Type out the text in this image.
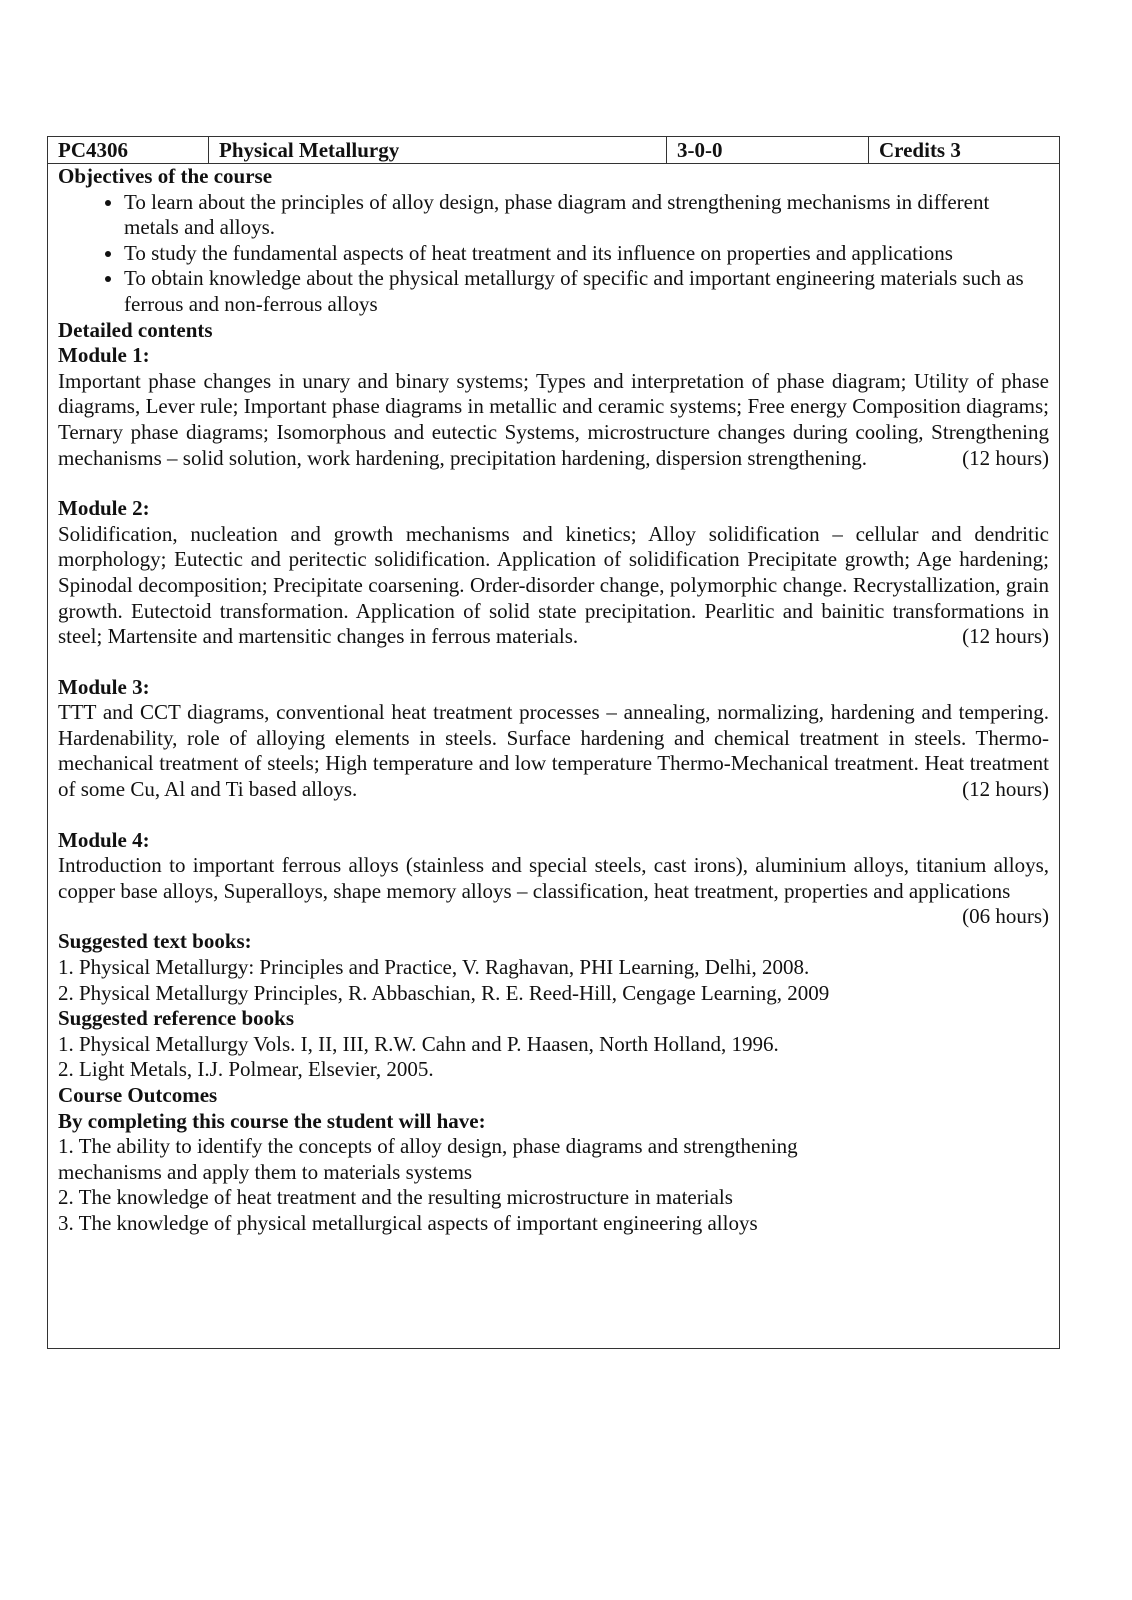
PC4306	Physical Metallurgy	3-0-0	Credits 3

Objectives of the course

• To learn about the principles of alloy design, phase diagram and strengthening mechanisms in different metals and alloys.
• To study the fundamental aspects of heat treatment and its influence on properties and applications
• To obtain knowledge about the physical metallurgy of specific and important engineering materials such as ferrous and non-ferrous alloys

Detailed contents

Module 1:

Important phase changes in unary and binary systems; Types and interpretation of phase diagram; Utility of phase diagrams, Lever rule; Important phase diagrams in metallic and ceramic systems; Free energy Composition diagrams; Ternary phase diagrams; Isomorphous and eutectic Systems, microstructure changes during cooling, Strengthening mechanisms – solid solution, work hardening, precipitation hardening, dispersion strengthening.	(12 hours)

Module 2:

Solidification, nucleation and growth mechanisms and kinetics; Alloy solidification – cellular and dendritic morphology; Eutectic and peritectic solidification. Application of solidification Precipitate growth; Age hardening; Spinodal decomposition; Precipitate coarsening. Order-disorder change, polymorphic change. Recrystallization, grain growth. Eutectoid transformation. Application of solid state precipitation. Pearlitic and bainitic transformations in steel; Martensite and martensitic changes in ferrous materials.	(12 hours)

Module 3:

TTT and CCT diagrams, conventional heat treatment processes – annealing, normalizing, hardening and tempering. Hardenability, role of alloying elements in steels. Surface hardening and chemical treatment in steels. Thermo-mechanical treatment of steels; High temperature and low temperature Thermo-Mechanical treatment. Heat treatment of some Cu, Al and Ti based alloys.	(12 hours)

Module 4:

Introduction to important ferrous alloys (stainless and special steels, cast irons), aluminium alloys, titanium alloys, copper base alloys, Superalloys, shape memory alloys – classification, heat treatment, properties and applications
(06 hours)

Suggested text books:

1. Physical Metallurgy: Principles and Practice, V. Raghavan, PHI Learning, Delhi, 2008.

2. Physical Metallurgy Principles, R. Abbaschian, R. E. Reed-Hill, Cengage Learning, 2009

Suggested reference books

1. Physical Metallurgy Vols. I, II, III, R.W. Cahn and P. Haasen, North Holland, 1996.

2. Light Metals, I.J. Polmear, Elsevier, 2005.

Course Outcomes

By completing this course the student will have:

1. The ability to identify the concepts of alloy design, phase diagrams and strengthening

mechanisms and apply them to materials systems

2. The knowledge of heat treatment and the resulting microstructure in materials

3. The knowledge of physical metallurgical aspects of important engineering alloys
